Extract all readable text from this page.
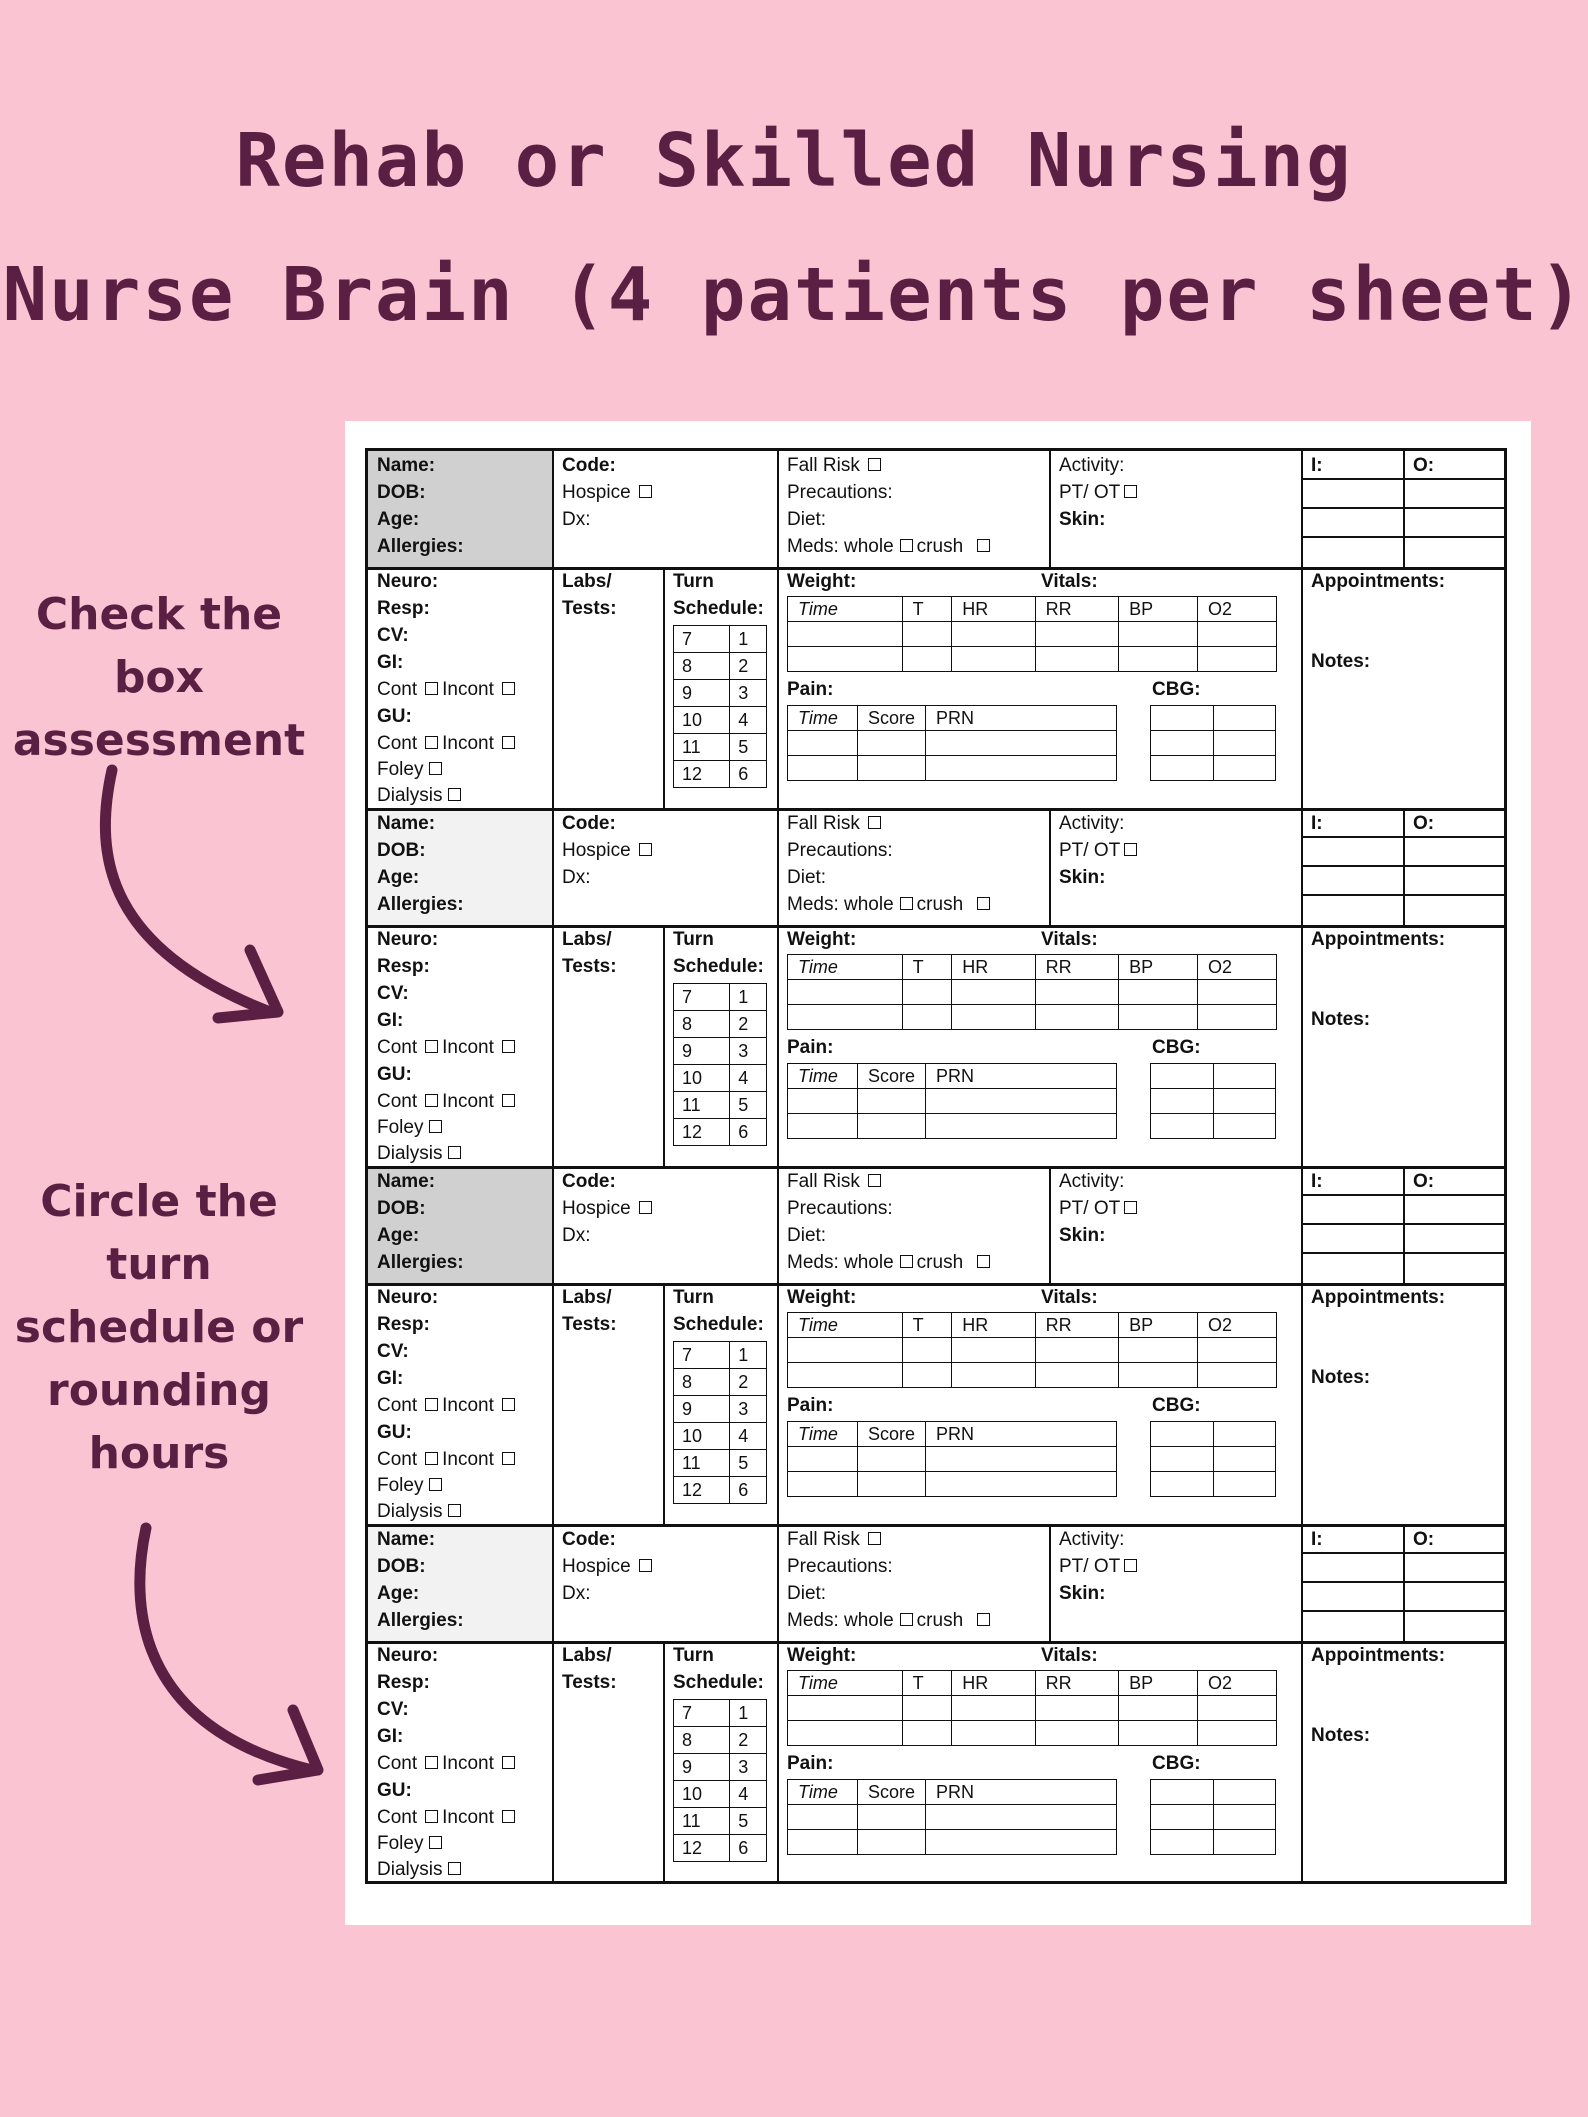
Rehab or Skilled Nursing
Nurse Brain (4 patients per sheet)
Check the
box
assessment
Circle the
turn
schedule or
rounding
hours
Name:
DOB:
Age:
Allergies:
Code:
Hospice
Dx:
Fall Risk
Precautions:
Diet:
Meds: whole crush
Activity:
PT/ OT
Skin:
I:	O:
Neuro:
Resp:
CV:
GI:
Cont Incont
GU:
Cont Incont
Foley
Dialysis
Labs/
Tests:
Turn
Schedule:
7	1
8	2
9	3
10	4
11	5
12	6
Weight:	Vitals:
Time	T	HR	RR	BP	O2

Pain:
Time	Score	PRN

CBG:

Appointments:
Notes:
Name:
DOB:
Age:
Allergies:
Code:
Hospice
Dx:
Fall Risk
Precautions:
Diet:
Meds: whole crush
Activity:
PT/ OT
Skin:
I:	O:
Neuro:
Resp:
CV:
GI:
Cont Incont
GU:
Cont Incont
Foley
Dialysis
Labs/
Tests:
Turn
Schedule:
7	1
8	2
9	3
10	4
11	5
12	6
Weight:	Vitals:
Time	T	HR	RR	BP	O2

Pain:
Time	Score	PRN

CBG:

Appointments:
Notes:
Name:
DOB:
Age:
Allergies:
Code:
Hospice
Dx:
Fall Risk
Precautions:
Diet:
Meds: whole crush
Activity:
PT/ OT
Skin:
I:	O:
Neuro:
Resp:
CV:
GI:
Cont Incont
GU:
Cont Incont
Foley
Dialysis
Labs/
Tests:
Turn
Schedule:
7	1
8	2
9	3
10	4
11	5
12	6
Weight:	Vitals:
Time	T	HR	RR	BP	O2

Pain:
Time	Score	PRN

CBG:

Appointments:
Notes:
Name:
DOB:
Age:
Allergies:
Code:
Hospice
Dx:
Fall Risk
Precautions:
Diet:
Meds: whole crush
Activity:
PT/ OT
Skin:
I:	O:
Neuro:
Resp:
CV:
GI:
Cont Incont
GU:
Cont Incont
Foley
Dialysis
Labs/
Tests:
Turn
Schedule:
7	1
8	2
9	3
10	4
11	5
12	6
Weight:	Vitals:
Time	T	HR	RR	BP	O2

Pain:
Time	Score	PRN

CBG:

Appointments:
Notes:
